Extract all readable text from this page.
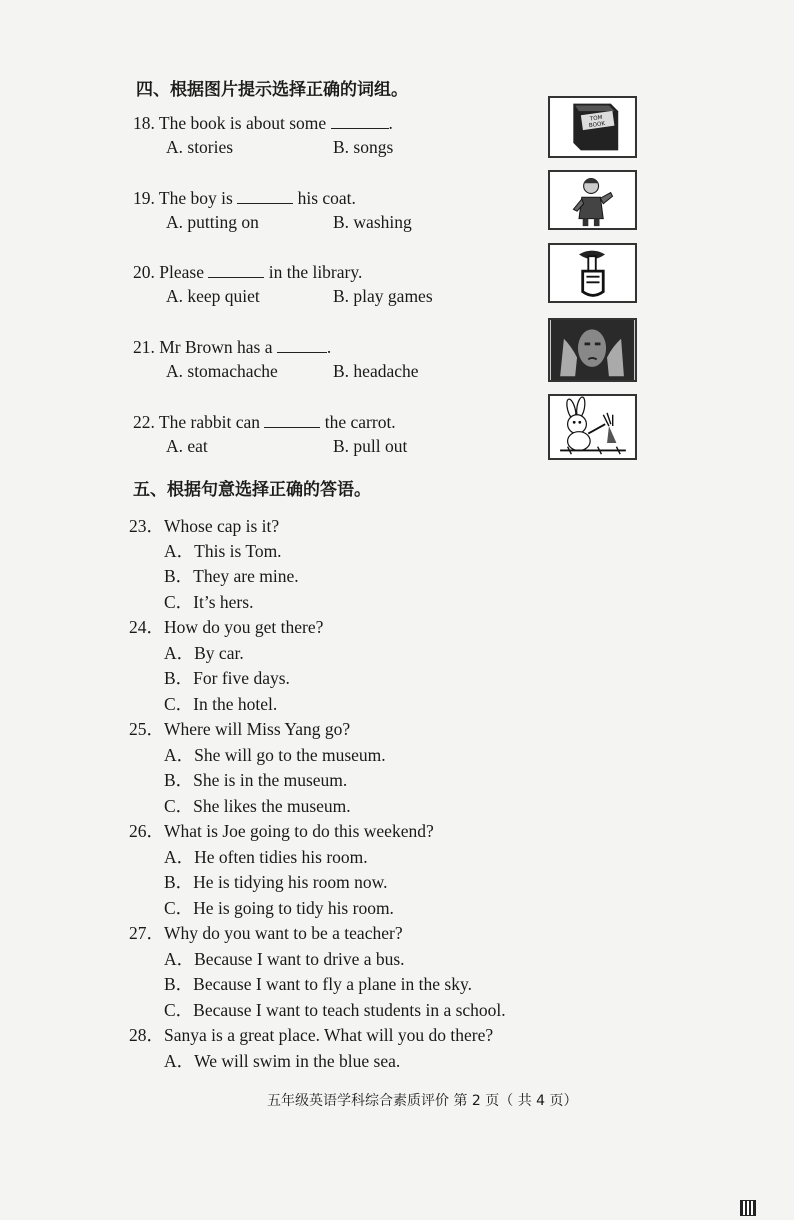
四、根据图片提示选择正确的词组。
18. The book is about some	.
A. stories	B. songs
19. The boy is	his coat.
A. putting on	B. washing
20. Please	in the library.
A. keep quiet	B. play games
21. Mr Brown has a	.
A. stomachache	B. headache
22. The rabbit can	the carrot.
A. eat	B. pull out
TOM
BOOK
五、根据句意选择正确的答语。
23．Whose cap is it?
A．This is Tom.
B．They are mine.
C．It’s hers.
24．How do you get there?
A．By car.
B．For five days.
C．In the hotel.
25．Where will Miss Yang go?
A．She will go to the museum.
B．She is in the museum.
C．She likes the museum.
26．What is Joe going to do this weekend?
A．He often tidies his room.
B．He is tidying his room now.
C．He is going to tidy his room.
27．Why do you want to be a teacher?
A．Because I want to drive a bus.
B．Because I want to fly a plane in the sky.
C．Because I want to teach students in a school.
28．Sanya is a great place. What will you do there?
A．We will swim in the blue sea.
五年级英语学科综合素质评价 第 2 页（ 共 4 页）
